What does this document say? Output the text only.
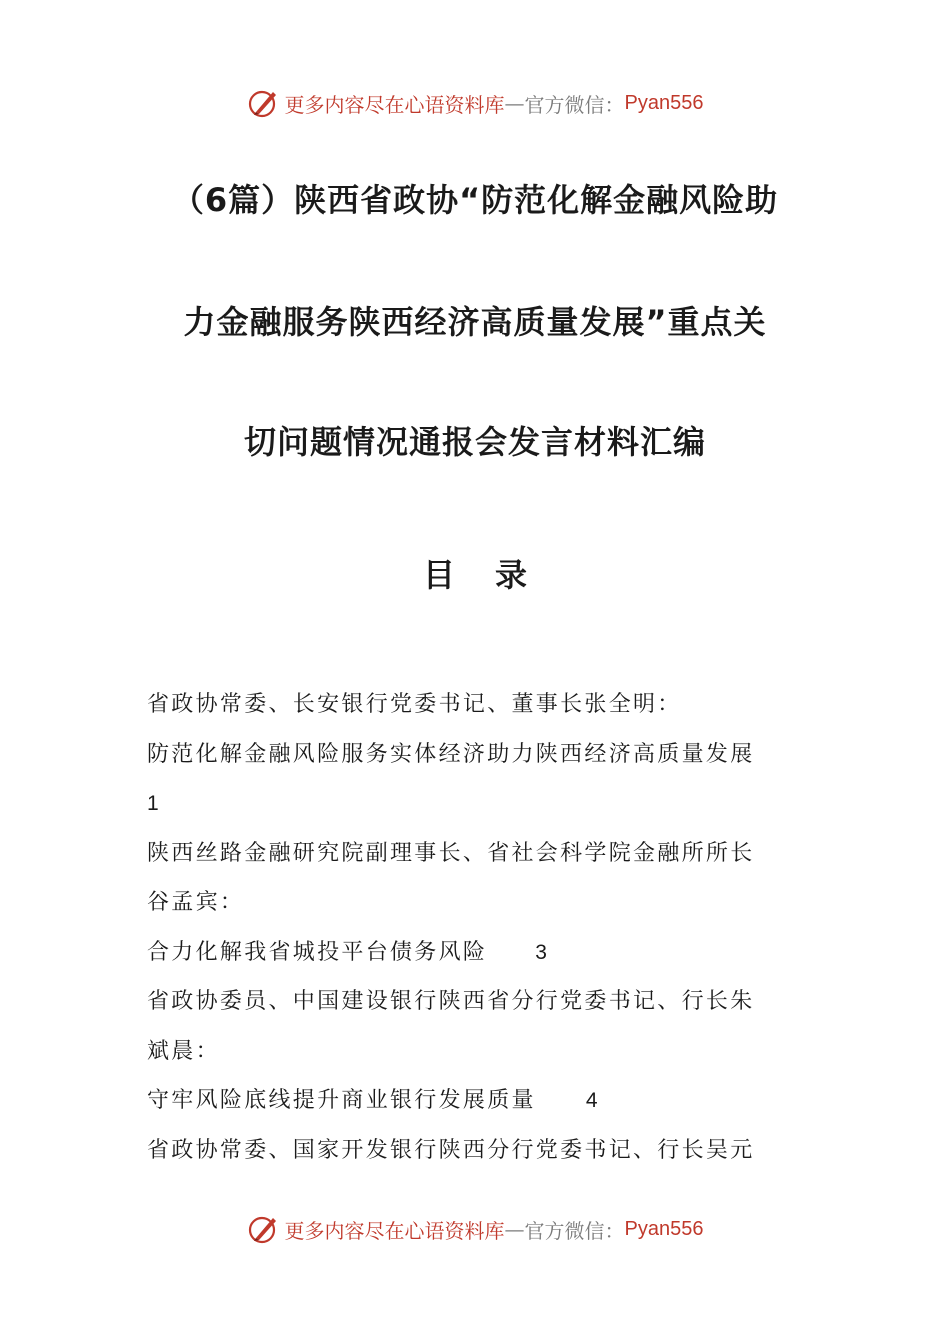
更多内容尽在心语资料库 — 官方微信： Pyan556
（6篇）陕西省政协“防范化解金融风险助
力金融服务陕西经济高质量发展”重点关
切问题情况通报会发言材料汇编
目录
省政协常委、长安银行党委书记、董事长张全明：
防范化解金融风险服务实体经济助力陕西经济高质量发展
1
陕西丝路金融研究院副理事长、省社会科学院金融所所长
谷孟宾：
合力化解我省城投平台债务风险 3
省政协委员、中国建设银行陕西省分行党委书记、行长朱
斌晨：
守牢风险底线提升商业银行发展质量 4
省政协常委、国家开发银行陕西分行党委书记、行长吴元
更多内容尽在心语资料库 — 官方微信： Pyan556
